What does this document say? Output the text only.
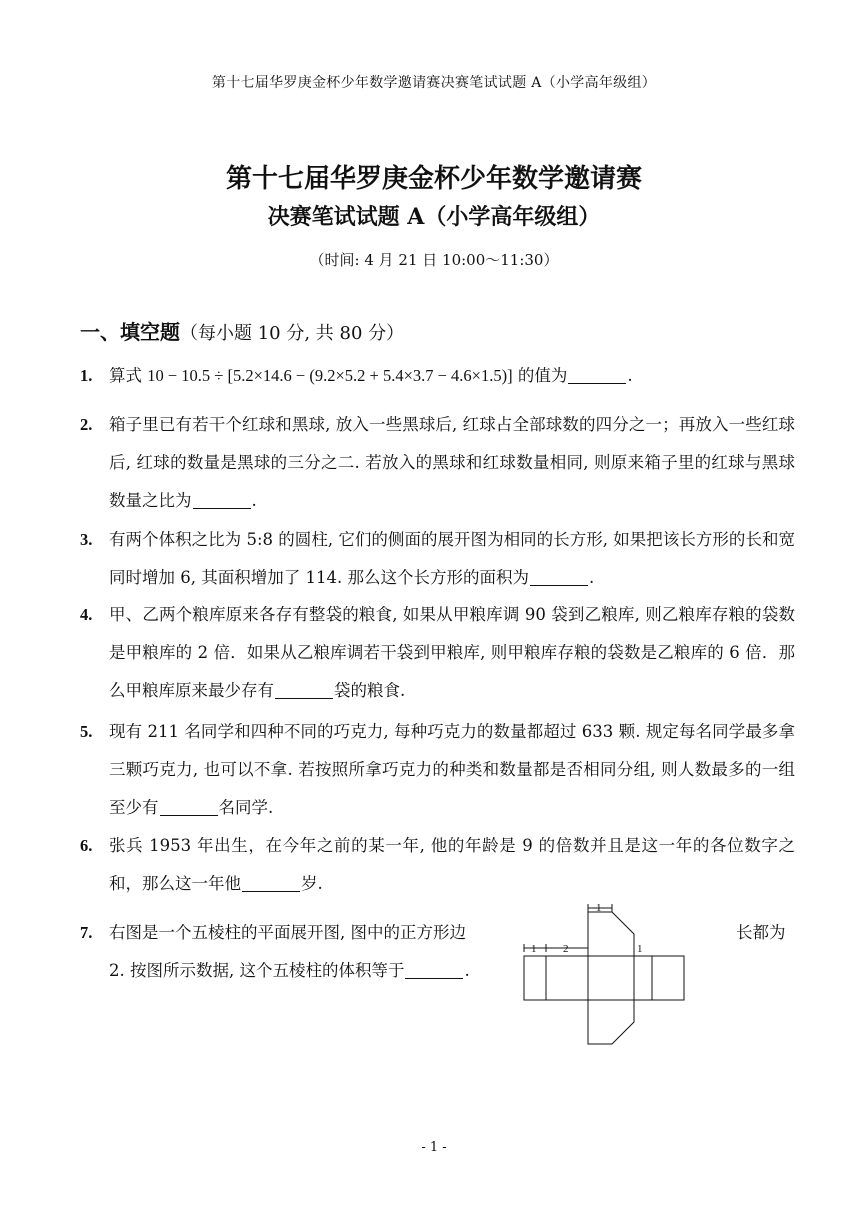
第十七届华罗庚金杯少年数学邀请赛决赛笔试试题 A（小学高年级组）
第十七届华罗庚金杯少年数学邀请赛
决赛笔试试题 A（小学高年级组）
（时间: 4 月 21 日 10:00～11:30）
一、填空题（每小题 10 分, 共 80 分）
1. 算式 10 − 10.5 ÷ [5.2×14.6 − (9.2×5.2 + 5.4×3.7 − 4.6×1.5)] 的值为	.
2. 箱子里已有若干个红球和黑球, 放入一些黑球后, 红球占全部球数的四分之一；再放入一些红球后, 红球的数量是黑球的三分之二. 若放入的黑球和红球数量相同, 则原来箱子里的红球与黑球数量之比为	.
3. 有两个体积之比为 5:8 的圆柱, 它们的侧面的展开图为相同的长方形, 如果把该长方形的长和宽同时增加 6, 其面积增加了 114. 那么这个长方形的面积为	.
4. 甲、乙两个粮库原来各存有整袋的粮食, 如果从甲粮库调 90 袋到乙粮库, 则乙粮库存粮的袋数是甲粮库的 2 倍．如果从乙粮库调若干袋到甲粮库, 则甲粮库存粮的袋数是乙粮库的 6 倍．那么甲粮库原来最少存有	袋的粮食.
5. 现有 211 名同学和四种不同的巧克力, 每种巧克力的数量都超过 633 颗. 规定每名同学最多拿三颗巧克力, 也可以不拿. 若按照所拿巧克力的种类和数量都是否相同分组, 则人数最多的一组至少有	名同学.
6. 张兵 1953 年出生，在今年之前的某一年, 他的年龄是 9 的倍数并且是这一年的各位数字之和，那么这一年他	岁.
7. 右图是一个五棱柱的平面展开图, 图中的正方形边
2. 按图所示数据, 这个五棱柱的体积等于	.
长都为
1
1 2	1
- 1 -
